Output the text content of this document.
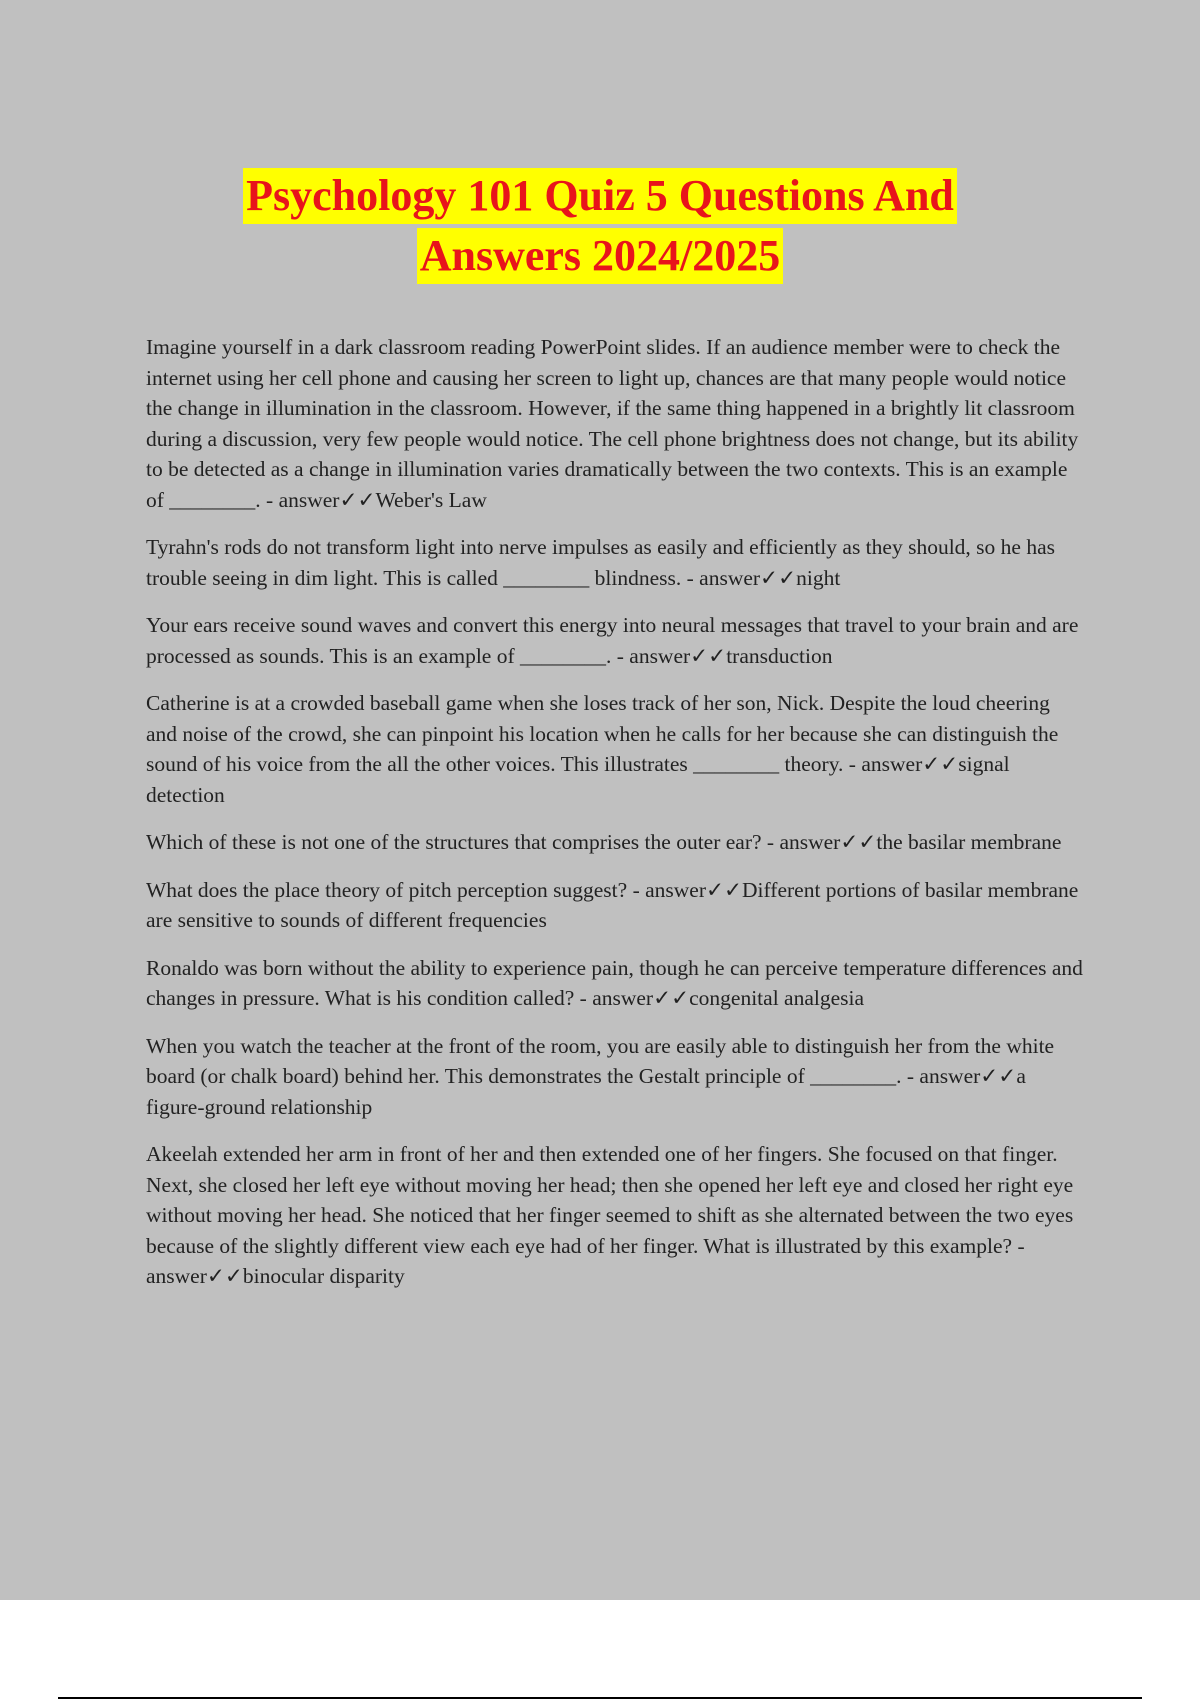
Psychology 101 Quiz 5 Questions And
Answers 2024/2025

Imagine yourself in a dark classroom reading PowerPoint slides. If an audience member were to check the internet using her cell phone and causing her screen to light up, chances are that many people would notice the change in illumination in the classroom. However, if the same thing happened in a brightly lit classroom during a discussion, very few people would notice. The cell phone brightness does not change, but its ability to be detected as a change in illumination varies dramatically between the two contexts. This is an example of ________. - answer✓✓Weber's Law

Tyrahn's rods do not transform light into nerve impulses as easily and efficiently as they should, so he has trouble seeing in dim light. This is called ________ blindness. - answer✓✓night

Your ears receive sound waves and convert this energy into neural messages that travel to your brain and are processed as sounds. This is an example of ________. - answer✓✓transduction

Catherine is at a crowded baseball game when she loses track of her son, Nick. Despite the loud cheering and noise of the crowd, she can pinpoint his location when he calls for her because she can distinguish the sound of his voice from the all the other voices. This illustrates ________ theory. - answer✓✓signal detection

Which of these is not one of the structures that comprises the outer ear? - answer✓✓the basilar membrane

What does the place theory of pitch perception suggest? - answer✓✓Different portions of basilar membrane are sensitive to sounds of different frequencies

Ronaldo was born without the ability to experience pain, though he can perceive temperature differences and changes in pressure. What is his condition called? - answer✓✓congenital analgesia

When you watch the teacher at the front of the room, you are easily able to distinguish her from the white board (or chalk board) behind her. This demonstrates the Gestalt principle of ________. - answer✓✓a figure-ground relationship

Akeelah extended her arm in front of her and then extended one of her fingers. She focused on that finger. Next, she closed her left eye without moving her head; then she opened her left eye and closed her right eye without moving her head. She noticed that her finger seemed to shift as she alternated between the two eyes because of the slightly different view each eye had of her finger. What is illustrated by this example? - answer✓✓binocular disparity
